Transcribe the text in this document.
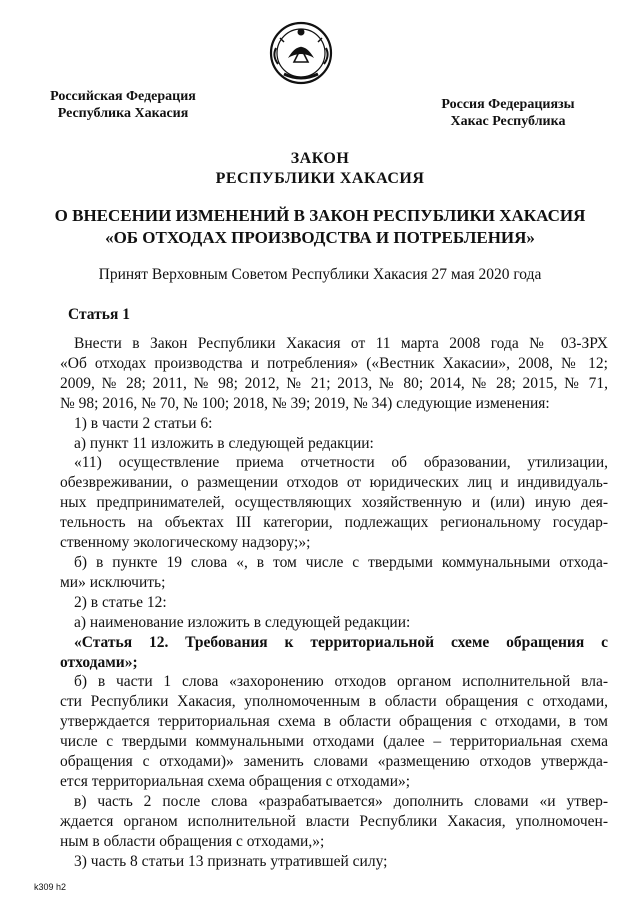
Российская Федерация
Республика Хакасия
Россия Федерациязы
Хакас Республика
ЗАКОН
РЕСПУБЛИКИ ХАКАСИЯ
О ВНЕСЕНИИ ИЗМЕНЕНИЙ В ЗАКОН РЕСПУБЛИКИ ХАКАСИЯ
«ОБ ОТХОДАХ ПРОИЗВОДСТВА И ПОТРЕБЛЕНИЯ»
Принят Верховным Советом Республики Хакасия 27 мая 2020 года
Статья 1
Внести в Закон Республики Хакасия от 11 марта 2008 года № 03-ЗРХ
«Об отходах производства и потребления» («Вестник Хакасии», 2008, № 12;
2009, № 28; 2011, № 98; 2012, № 21; 2013, № 80; 2014, № 28; 2015, № 71,
№ 98; 2016, № 70, № 100; 2018, № 39; 2019, № 34) следующие изменения:
1) в части 2 статьи 6:
а) пункт 11 изложить в следующей редакции:
«11) осуществление приема отчетности об образовании, утилизации,
обезвреживании, о размещении отходов от юридических лиц и индивидуаль-
ных предпринимателей, осуществляющих хозяйственную и (или) иную дея-
тельность на объектах III категории, подлежащих региональному государ-
ственному экологическому надзору;»;
б) в пункте 19 слова «, в том числе с твердыми коммунальными отхода-
ми» исключить;
2) в статье 12:
а) наименование изложить в следующей редакции:
«Статья 12. Требования к территориальной схеме обращения с
отходами»;
б) в части 1 слова «захоронению отходов органом исполнительной вла-
сти Республики Хакасия, уполномоченным в области обращения с отходами,
утверждается территориальная схема в области обращения с отходами, в том
числе с твердыми коммунальными отходами (далее – территориальная схема
обращения с отходами)» заменить словами «размещению отходов утвержда-
ется территориальная схема обращения с отходами»;
в) часть 2 после слова «разрабатывается» дополнить словами «и утвер-
ждается органом исполнительной власти Республики Хакасия, уполномочен-
ным в области обращения с отходами,»;
3) часть 8 статьи 13 признать утратившей силу;
k309 h2
